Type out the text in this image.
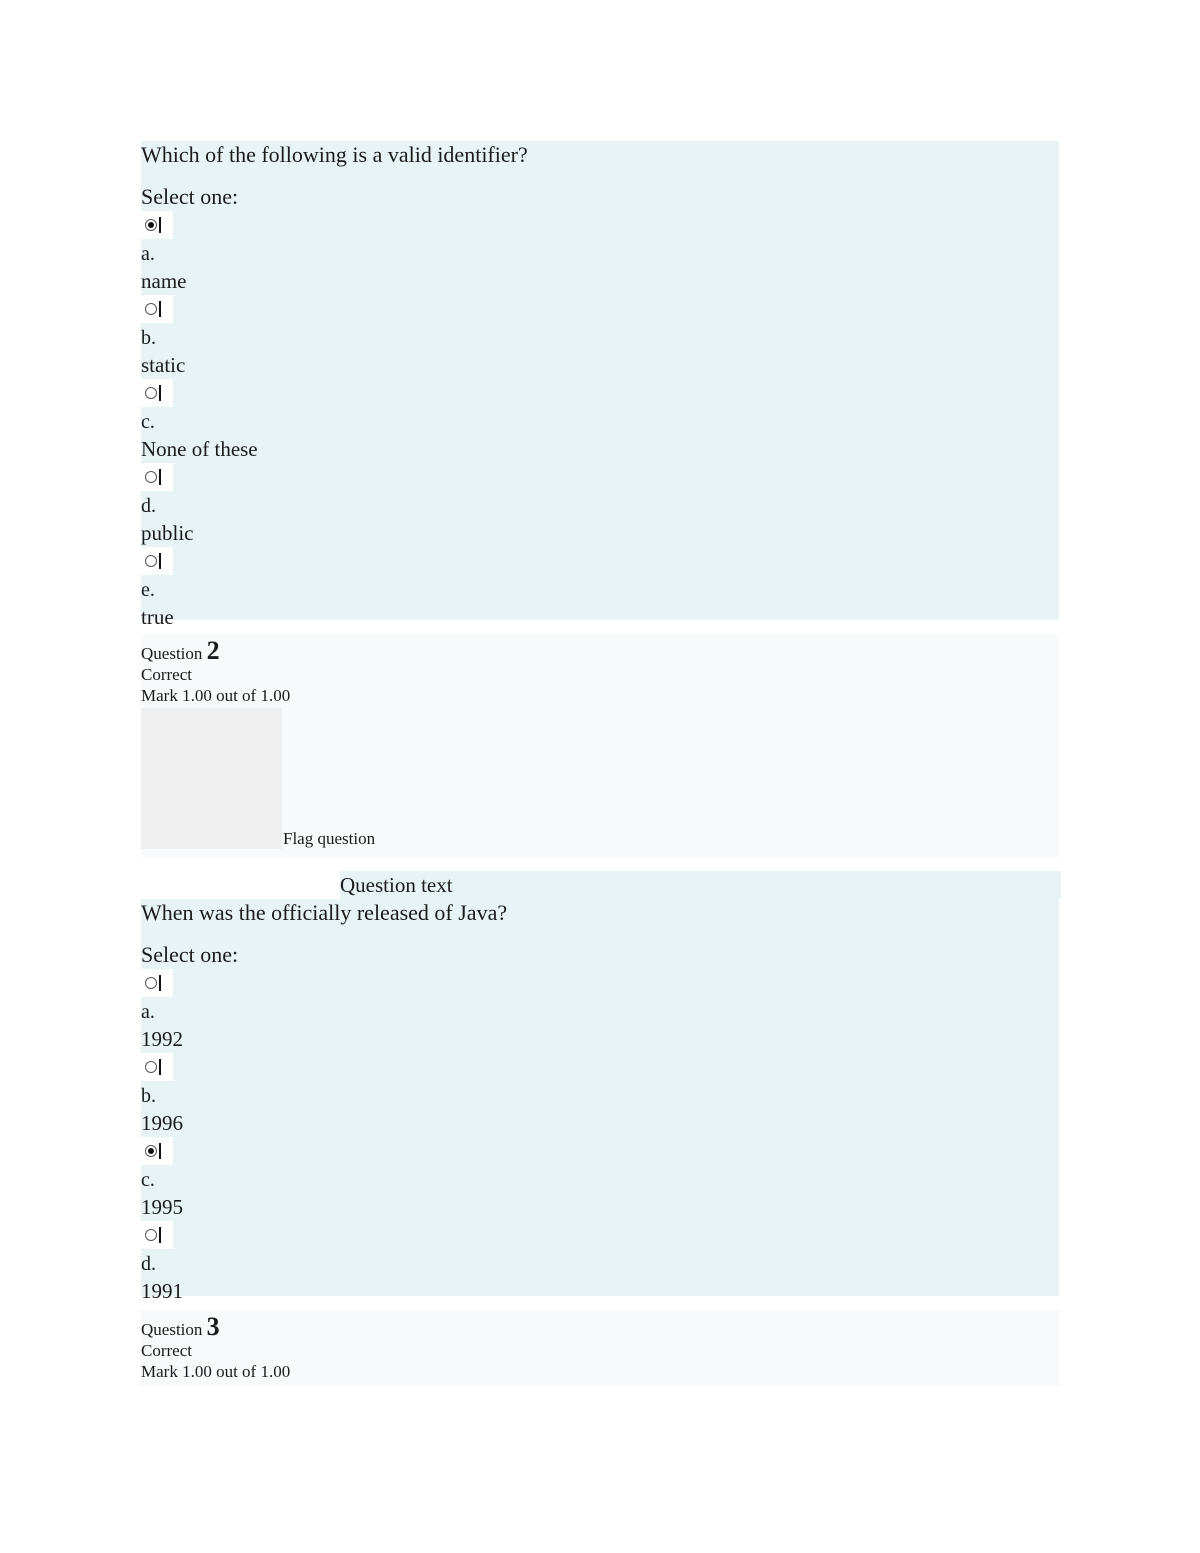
Which of the following is a valid identifier?
Select one:
a.
name
b.
static
c.
None of these
d.
public
e.
true
Question 2
Correct
Mark 1.00 out of 1.00
Flag question
Question text
When was the officially released of Java?
Select one:
a.
1992
b.
1996
c.
1995
d.
1991
Question 3
Correct
Mark 1.00 out of 1.00
